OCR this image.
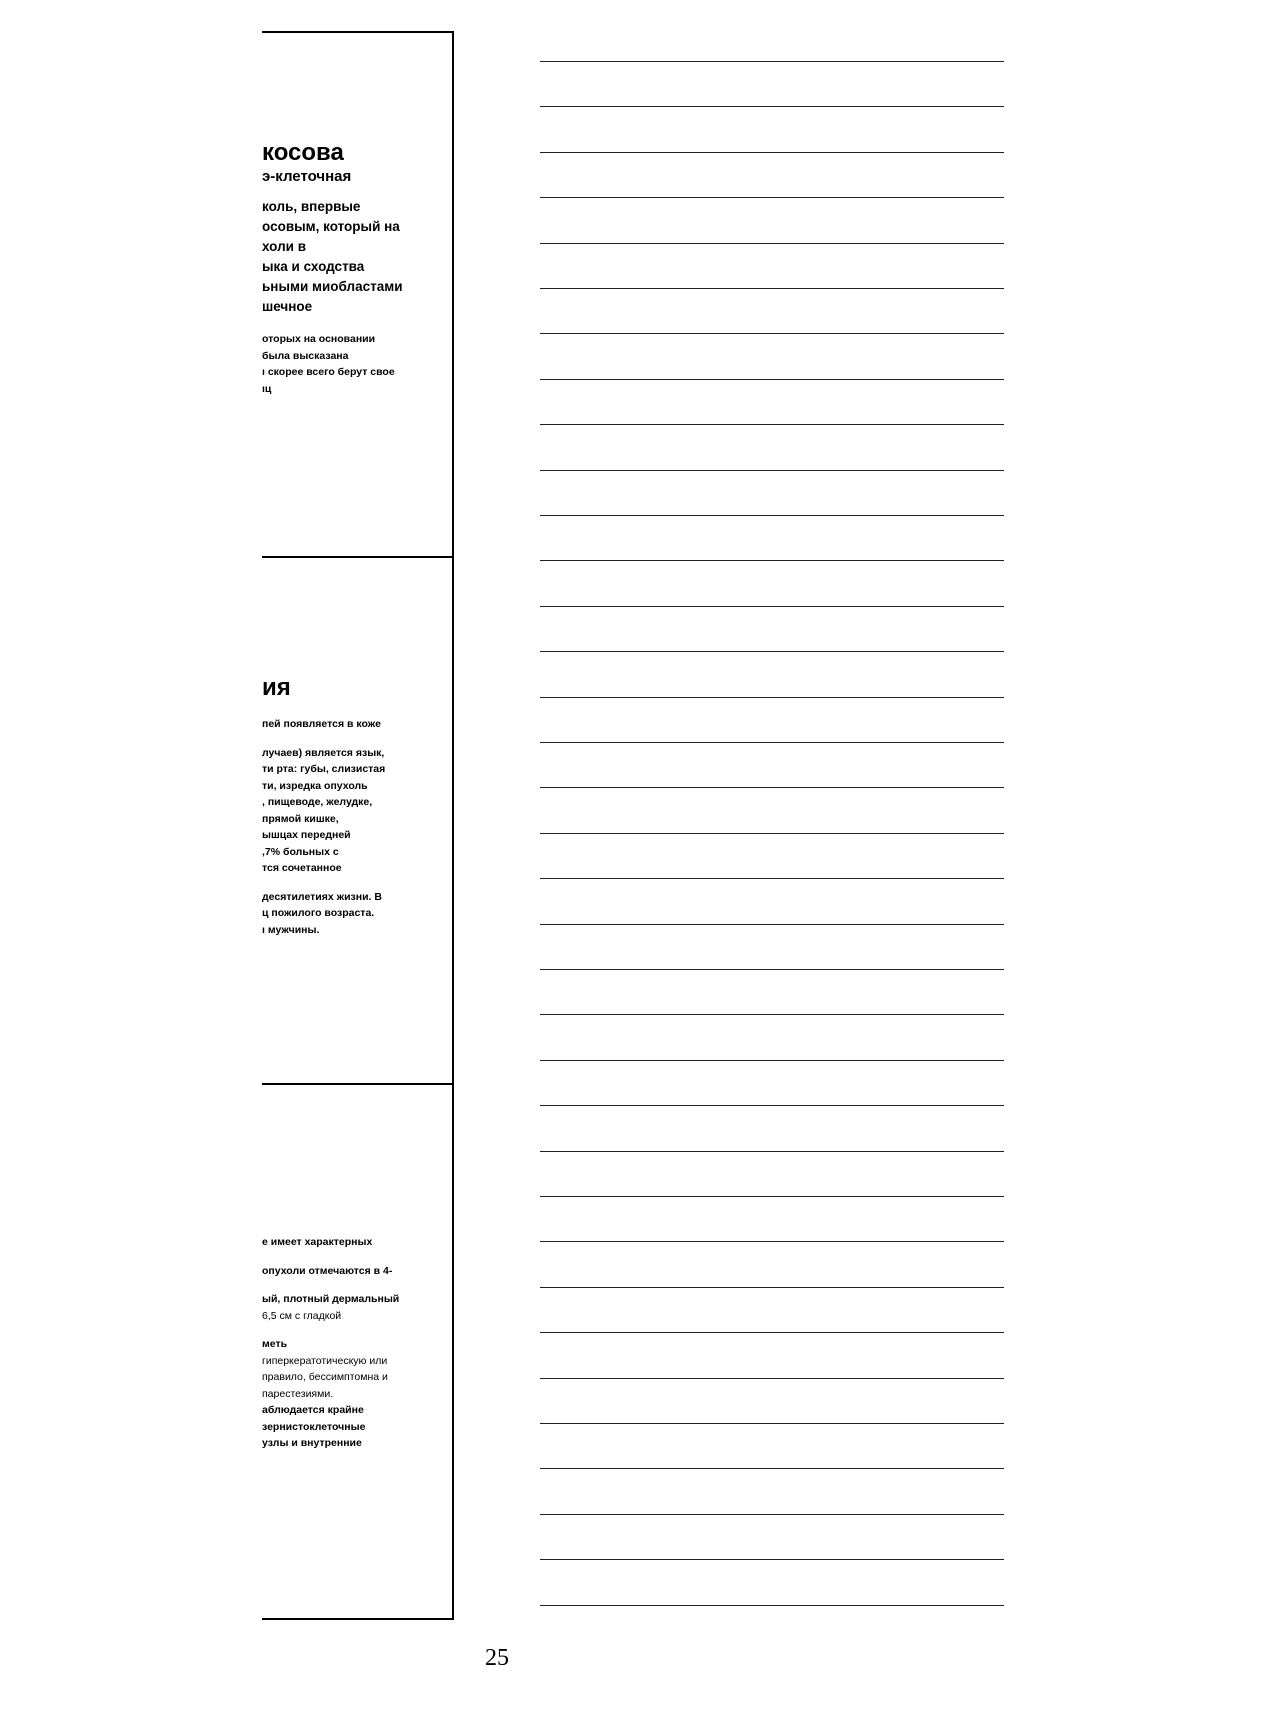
косова
э-клеточная
коль, впервые
осовым, который на
холи в
ыка и сходства
ьными миобластами
шечное
оторых на основании
была высказана
ı скорее всего берут свое
ıц
ия
пей появляется в коже
лучаев) является язык,
ти рта: губы, слизистая
ти, изредка опухоль
, пищеводе, желудке,
прямой кишке,
ышцах передней
,7% больных с
тся сочетанное
десятилетиях жизни. В
ц пожилого возраста.
ı мужчины.
е имеет характерных
опухоли отмечаются в 4-
ый, плотный дермальный
6,5 см с гладкой
меть
гиперкератотическую или
правило, бессимптомна и
парестезиями.
аблюдается крайне
зернистоклеточные
узлы и внутренние
25
